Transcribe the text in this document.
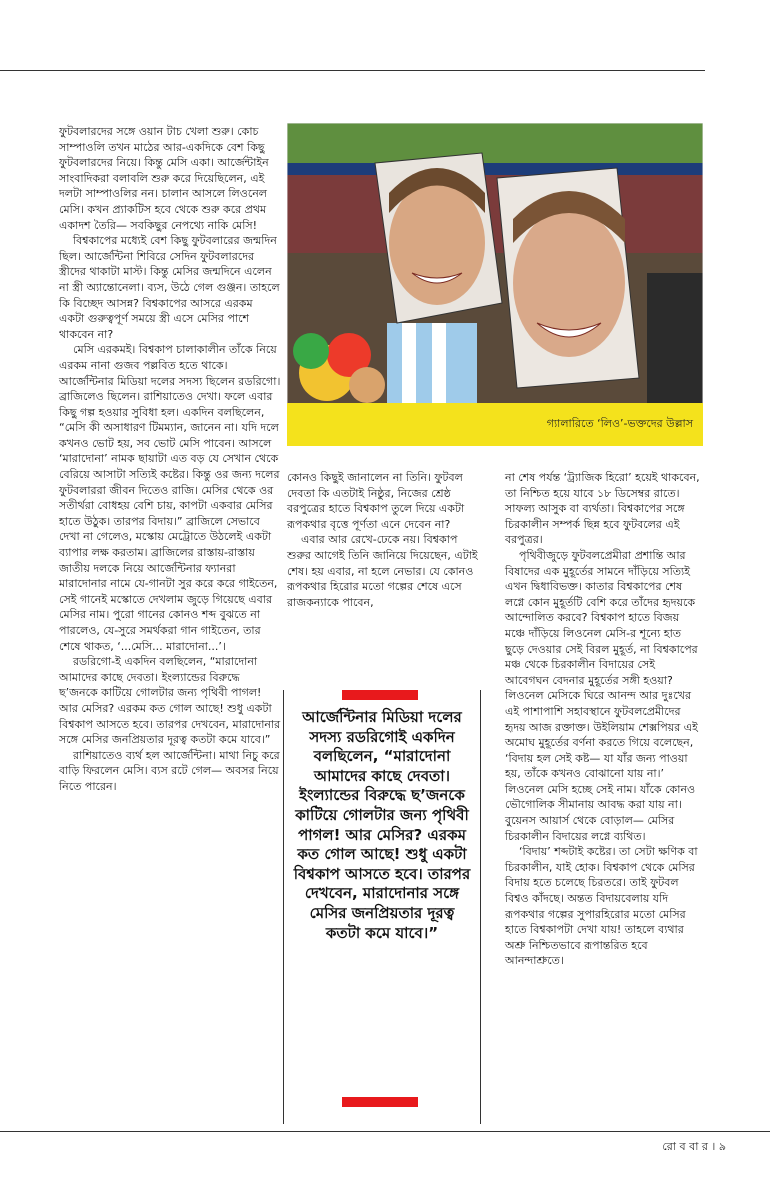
ফুটবলারদের সঙ্গে ওয়ান টাচ খেলা শুরু। কোচ সাম্পাওলি তখন মাঠের আর-একদিকে বেশ কিছু ফুটবলারদের নিয়ে। কিন্তু মেসি একা। আর্জেন্টাইন সাংবাদিকরা বলাবলি শুরু করে দিয়েছিলেন, এই দলটা সাম্পাওলির নন। চালান আসলে লিওনেল মেসি। কখন প্র্যাকটিস হবে থেকে শুরু করে প্রথম একাদশ তৈরি— সবকিছুর নেপথ্যে নাকি মেসি!

বিশ্বকাপের মধ্যেই বেশ কিছু ফুটবলারের জন্মদিন ছিল। আর্জেন্টিনা শিবিরে সেদিন ফুটবলারদের স্ত্রীদের থাকাটা মাস্ট। কিন্তু মেসির জন্মদিনে এলেন না স্ত্রী অ্যান্তোনেলা। ব্যস, উঠে গেল গুঞ্জন। তাহলে কি বিচ্ছেদ আসন্ন? বিশ্বকাপের আসরে এরকম একটা গুরুত্বপূর্ণ সময়ে স্ত্রী এসে মেসির পাশে থাকবেন না?

মেসি এরকমই। বিশ্বকাপ চালাকালীন তাঁকে নিয়ে এরকম নানা গুজব পল্লবিত হতে থাকে। আর্জেন্টিনার মিডিয়া দলের সদস্য ছিলেন রডরিগো। ব্রাজিলেও ছিলেন। রাশিয়াতেও দেখা। ফলে এবার কিছু গল্প হওয়ার সুবিধা হল। একদিন বলছিলেন, “মেসি কী অসাধারণ টিমম্যান, জানেন না। যদি দলে কখনও ভোট হয়, সব ভোট মেসি পাবেন। আসলে ‘মারাদোনা’ নামক ছায়াটা এত বড় যে সেখান থেকে বেরিয়ে আসাটা সত্যিই কষ্টের। কিন্তু ওর জন্য দলের ফুটবলাররা জীবন দিতেও রাজি। মেসির থেকে ওর সতীর্থরা বোধহয় বেশি চায়, কাপটা একবার মেসির হাতে উঠুক। তারপর বিদায়।” ব্রাজিলে সেভাবে দেখা না গেলেও, মস্কোয় মেট্রোতে উঠলেই একটা ব্যাপার লক্ষ করতাম। ব্রাজিলের রাস্তায়-রাস্তায় জাতীয় দলকে নিয়ে আর্জেন্টিনার ফ্যানরা মারাদোনার নামে যে-গানটা সুর করে করে গাইতেন, সেই গানেই মস্কোতে দেখলাম জুড়ে গিয়েছে এবার মেসির নাম। পুরো গানের কোনও শব্দ বুঝতে না পারলেও, যে-সুরে সমর্থকরা গান গাইতেন, তার শেষে থাকত, ‘...মেসি... মারাদোনা...’।

রডরিগো-ই একদিন বলছিলেন, “মারাদোনা আমাদের কাছে দেবতা। ইংল্যান্ডের বিরুদ্ধে ছ’জনকে কাটিয়ে গোলটার জন্য পৃথিবী পাগল! আর মেসির? এরকম কত গোল আছে! শুধু একটা বিশ্বকাপ আসতে হবে। তারপর দেখবেন, মারাদোনার সঙ্গে মেসির জনপ্রিয়তার দূরত্ব কতটা কমে যাবে।”

রাশিয়াতেও ব্যর্থ হল আর্জেন্টিনা। মাথা নিচু করে বাড়ি ফিরলেন মেসি। ব্যস রটে গেল— অবসর নিয়ে নিতে পারেন।

গ্যালারিতে ‘লিও’-ভক্তদের উল্লাস

কোনও কিছুই জানালেন না তিনি। ফুটবল দেবতা কি এতটাই নিষ্ঠুর, নিজের শ্রেষ্ঠ বরপুত্রের হাতে বিশ্বকাপ তুলে দিয়ে একটা রূপকথার বৃত্তে পূর্ণতা এনে দেবেন না?

এবার আর রেখে-ঢেকে নয়। বিশ্বকাপ শুরুর আগেই তিনি জানিয়ে দিয়েছেন, এটাই শেষ। হয় এবার, না হলে নেভার। যে কোনও রূপকথার হিরোর মতো গল্পের শেষে এসে রাজকন্যাকে পাবেন,

আর্জেন্টিনার মিডিয়া দলের সদস্য রডরিগোই একদিন বলছিলেন, “মারাদোনা আমাদের কাছে দেবতা। ইংল্যান্ডের বিরুদ্ধে ছ’জনকে কাটিয়ে গোলটার জন্য পৃথিবী পাগল! আর মেসির? এরকম কত গোল আছে! শুধু একটা বিশ্বকাপ আসতে হবে। তারপর দেখবেন, মারাদোনার সঙ্গে মেসির জনপ্রিয়তার দূরত্ব কতটা কমে যাবে।”

না শেষ পর্যন্ত ‘ট্র্যাজিক হিরো’ হয়েই থাকবেন, তা নিশ্চিত হয়ে যাবে ১৮ ডিসেম্বর রাতে। সাফল্য আসুক বা ব্যর্থতা। বিশ্বকাপের সঙ্গে চিরকালীন সম্পর্ক ছিন্ন হবে ফুটবলের এই বরপুত্রর।

পৃথিবীজুড়ে ফুটবলপ্রেমীরা প্রশান্তি আর বিষাদের এক মুহূর্তের সামনে দাঁড়িয়ে সত্যিই এখন দ্বিধাবিভক্ত। কাতার বিশ্বকাপের শেষ লগ্নে কোন মুহূর্তটি বেশি করে তাঁদের হৃদয়কে আন্দোলিত করবে? বিশ্বকাপ হাতে বিজয় মঞ্চে দাঁড়িয়ে লিওনেল মেসি-র শূন্যে হাত ছুড়ে দেওয়ার সেই বিরল মুহূর্ত, না বিশ্বকাপের মঞ্চ থেকে চিরকালীন বিদায়ের সেই আবেগঘন বেদনার মুহূর্তের সঙ্গী হওয়া? লিওনেল মেসিকে ঘিরে আনন্দ আর দুঃখের এই পাশাপাশি সহাবস্থানে ফুটবলপ্রেমীদের হৃদয় আজ রক্তাক্ত। উইলিয়াম শেক্সপিয়র এই অমোঘ মুহূর্তের বর্ণনা করতে গিয়ে বলেছেন, ‘বিদায় হল সেই কষ্ট— যা যাঁর জন্য পাওয়া হয়, তাঁকে কখনও বোঝানো যায় না।’ লিওনেল মেসি হচ্ছে সেই নাম। যাঁকে কোনও ভৌগোলিক সীমানায় আবদ্ধ করা যায় না। বুয়েনস আয়ার্স থেকে বোড়াল— মেসির চিরকালীন বিদায়ের লগ্নে ব্যথিত।

‘বিদায়’ শব্দটাই কষ্টের। তা সেটা ক্ষণিক বা চিরকালীন, যাই হোক। বিশ্বকাপ থেকে মেসির বিদায় হতে চলেছে চিরতরে। তাই ফুটবল বিশ্বও কাঁদছে। অন্তত বিদায়বেলায় যদি রূপকথার গল্পের সুপারহিরোর মতো মেসির হাতে বিশ্বকাপটা দেখা যায়! তাহলে ব্যথার অশ্রু নিশ্চিতভাবে রূপান্তরিত হবে আনন্দাশ্রুতে।

রো ব বা র । ৯
